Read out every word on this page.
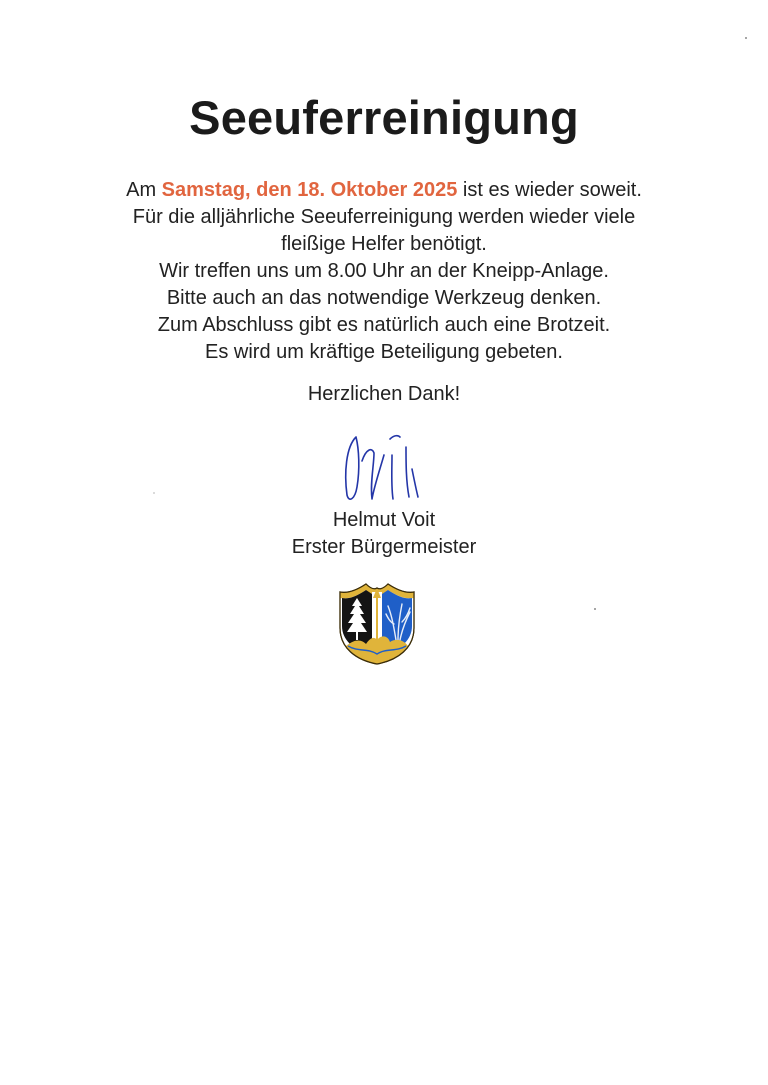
Seeuferreinigung
Am Samstag, den 18. Oktober 2025 ist es wieder soweit.
Für die alljährliche Seeuferreinigung werden wieder viele
fleißige Helfer benötigt.
Wir treffen uns um 8.00 Uhr an der Kneipp-Anlage.
Bitte auch an das notwendige Werkzeug denken.
Zum Abschluss gibt es natürlich auch eine Brotzeit.
Es wird um kräftige Beteiligung gebeten.
Herzlichen Dank!
Helmut Voit
Erster Bürgermeister
